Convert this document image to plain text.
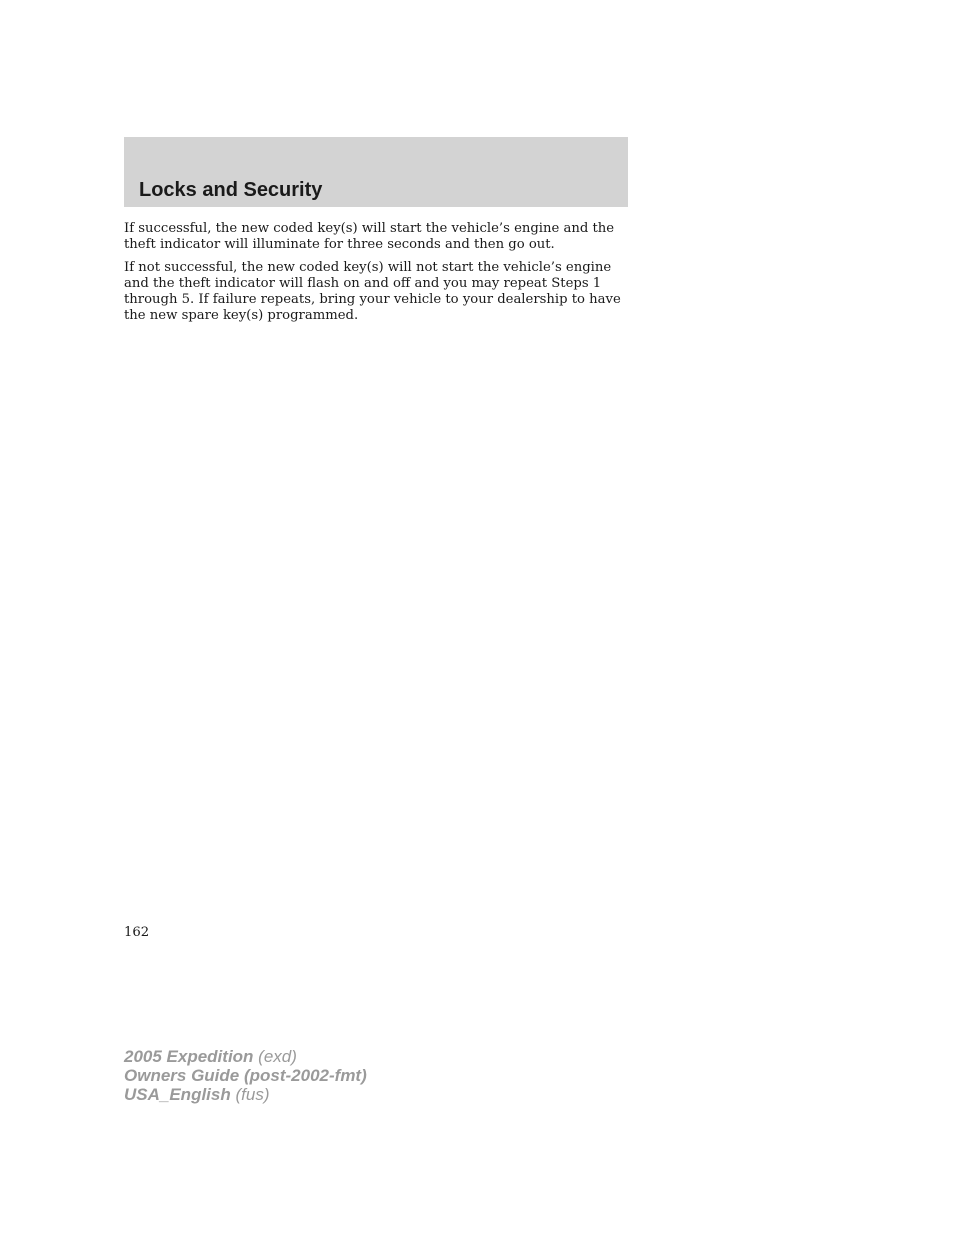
Locks and Security

If successful, the new coded key(s) will start the vehicle’s engine and the theft indicator will illuminate for three seconds and then go out.

If not successful, the new coded key(s) will not start the vehicle’s engine and the theft indicator will flash on and off and you may repeat Steps 1 through 5. If failure repeats, bring your vehicle to your dealership to have the new spare key(s) programmed.

162
2005 Expedition (exd)
Owners Guide (post-2002-fmt)
USA_English (fus)
